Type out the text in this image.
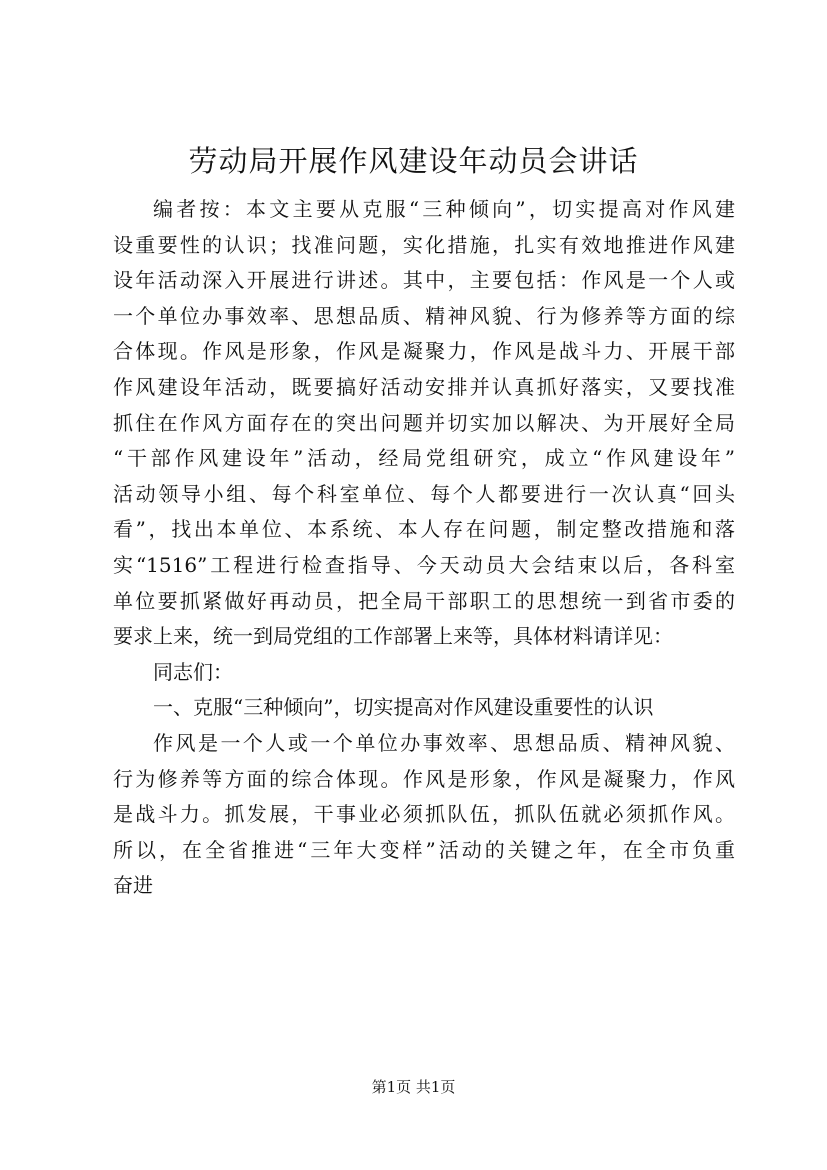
劳动局开展作风建设年动员会讲话
编者按：本文主要从克服“三种倾向”，切实提高对作风建
设重要性的认识；找准问题，实化措施，扎实有效地推进作风建
设年活动深入开展进行讲述。其中，主要包括：作风是一个人或
一个单位办事效率、思想品质、精神风貌、行为修养等方面的综
合体现。作风是形象，作风是凝聚力，作风是战斗力、开展干部
作风建设年活动，既要搞好活动安排并认真抓好落实，又要找准
抓住在作风方面存在的突出问题并切实加以解决、为开展好全局
“干部作风建设年”活动，经局党组研究，成立“作风建设年”
活动领导小组、每个科室单位、每个人都要进行一次认真“回头
看”，找出本单位、本系统、本人存在问题，制定整改措施和落
实“1516”工程进行检查指导、今天动员大会结束以后，各科室
单位要抓紧做好再动员，把全局干部职工的思想统一到省市委的
要求上来，统一到局党组的工作部署上来等，具体材料请详见：
同志们：
一、克服“三种倾向”，切实提高对作风建设重要性的认识
作风是一个人或一个单位办事效率、思想品质、精神风貌、
行为修养等方面的综合体现。作风是形象，作风是凝聚力，作风
是战斗力。抓发展，干事业必须抓队伍，抓队伍就必须抓作风。
所以，在全省推进“三年大变样”活动的关键之年，在全市负重
奋进
第1页 共1页
